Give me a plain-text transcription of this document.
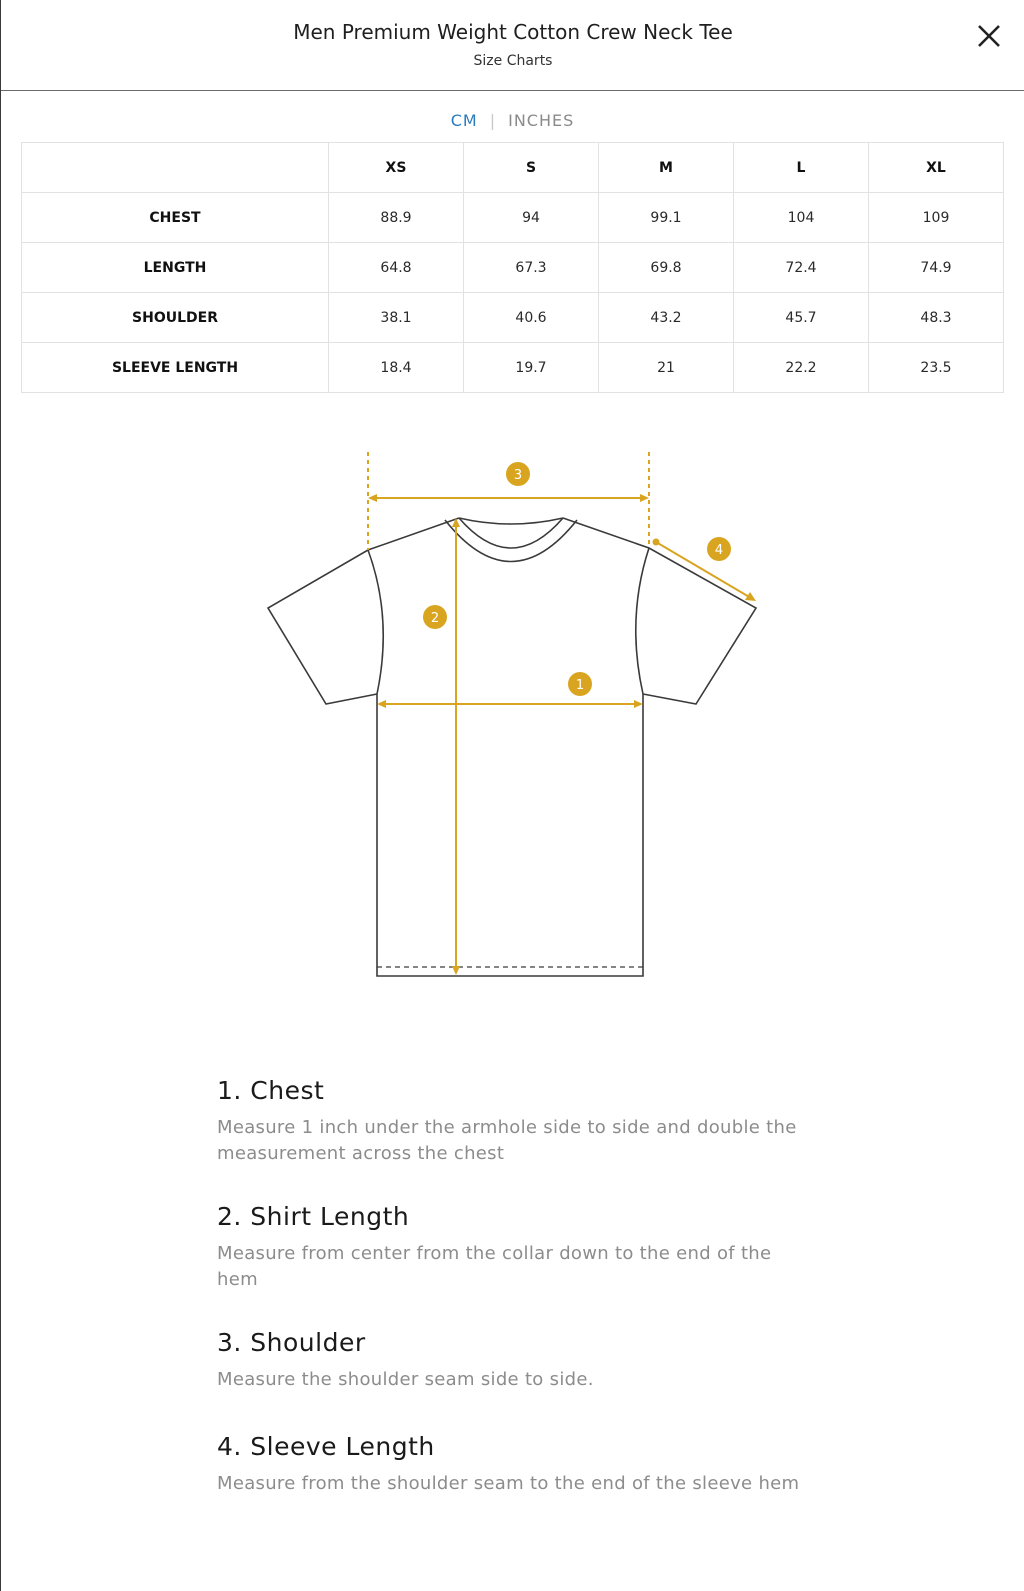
Men Premium Weight Cotton Crew Neck Tee
Size Charts
CM | INCHES
	XS	S	M	L	XL
CHEST	88.9	94	99.1	104	109
LENGTH	64.8	67.3	69.8	72.4	74.9
SHOULDER	38.1	40.6	43.2	45.7	48.3
SLEEVE LENGTH	18.4	19.7	21	22.2	23.5
1
2
3
4
1. Chest

Measure 1 inch under the armhole side to side and double the measurement across the chest

2. Shirt Length

Measure from center from the collar down to the end of the hem

3. Shoulder

Measure the shoulder seam side to side.

4. Sleeve Length

Measure from the shoulder seam to the end of the sleeve hem
